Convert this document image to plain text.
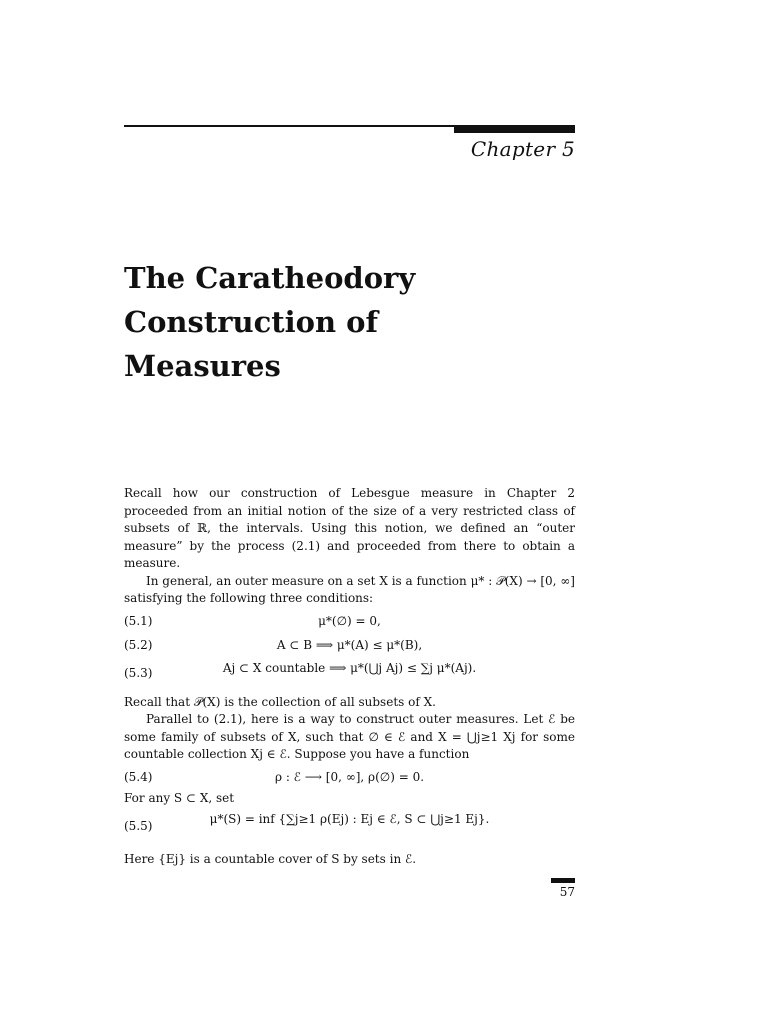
Chapter 5
The Caratheodory
Construction of
Measures

Recall how our construction of Lebesgue measure in Chapter 2 proceeded from an initial notion of the size of a very restricted class of subsets of ℝ, the intervals. Using this notion, we defined an “outer measure” by the process (2.1) and proceeded from there to obtain a measure.

In general, an outer measure on a set X is a function μ* : 𝒫(X) → [0, ∞] satisfying the following three conditions:

(5.1)	μ*(∅) = 0,
(5.2)	A ⊂ B ⟹ μ*(A) ≤ μ*(B),
(5.3)	Aj ⊂ X countable ⟹ μ*(⋃j Aj) ≤ ∑j μ*(Aj).

Recall that 𝒫(X) is the collection of all subsets of X.

Parallel to (2.1), here is a way to construct outer measures. Let ℰ be some family of subsets of X, such that ∅ ∈ ℰ and X = ⋃j≥1 Xj for some countable collection Xj ∈ ℰ. Suppose you have a function

(5.4)	ρ : ℰ ⟶ [0, ∞], ρ(∅) = 0.

For any S ⊂ X, set

(5.5)	μ*(S) = inf {∑j≥1 ρ(Ej) : Ej ∈ ℰ, S ⊂ ⋃j≥1 Ej}.

Here {Ej} is a countable cover of S by sets in ℰ.

57
